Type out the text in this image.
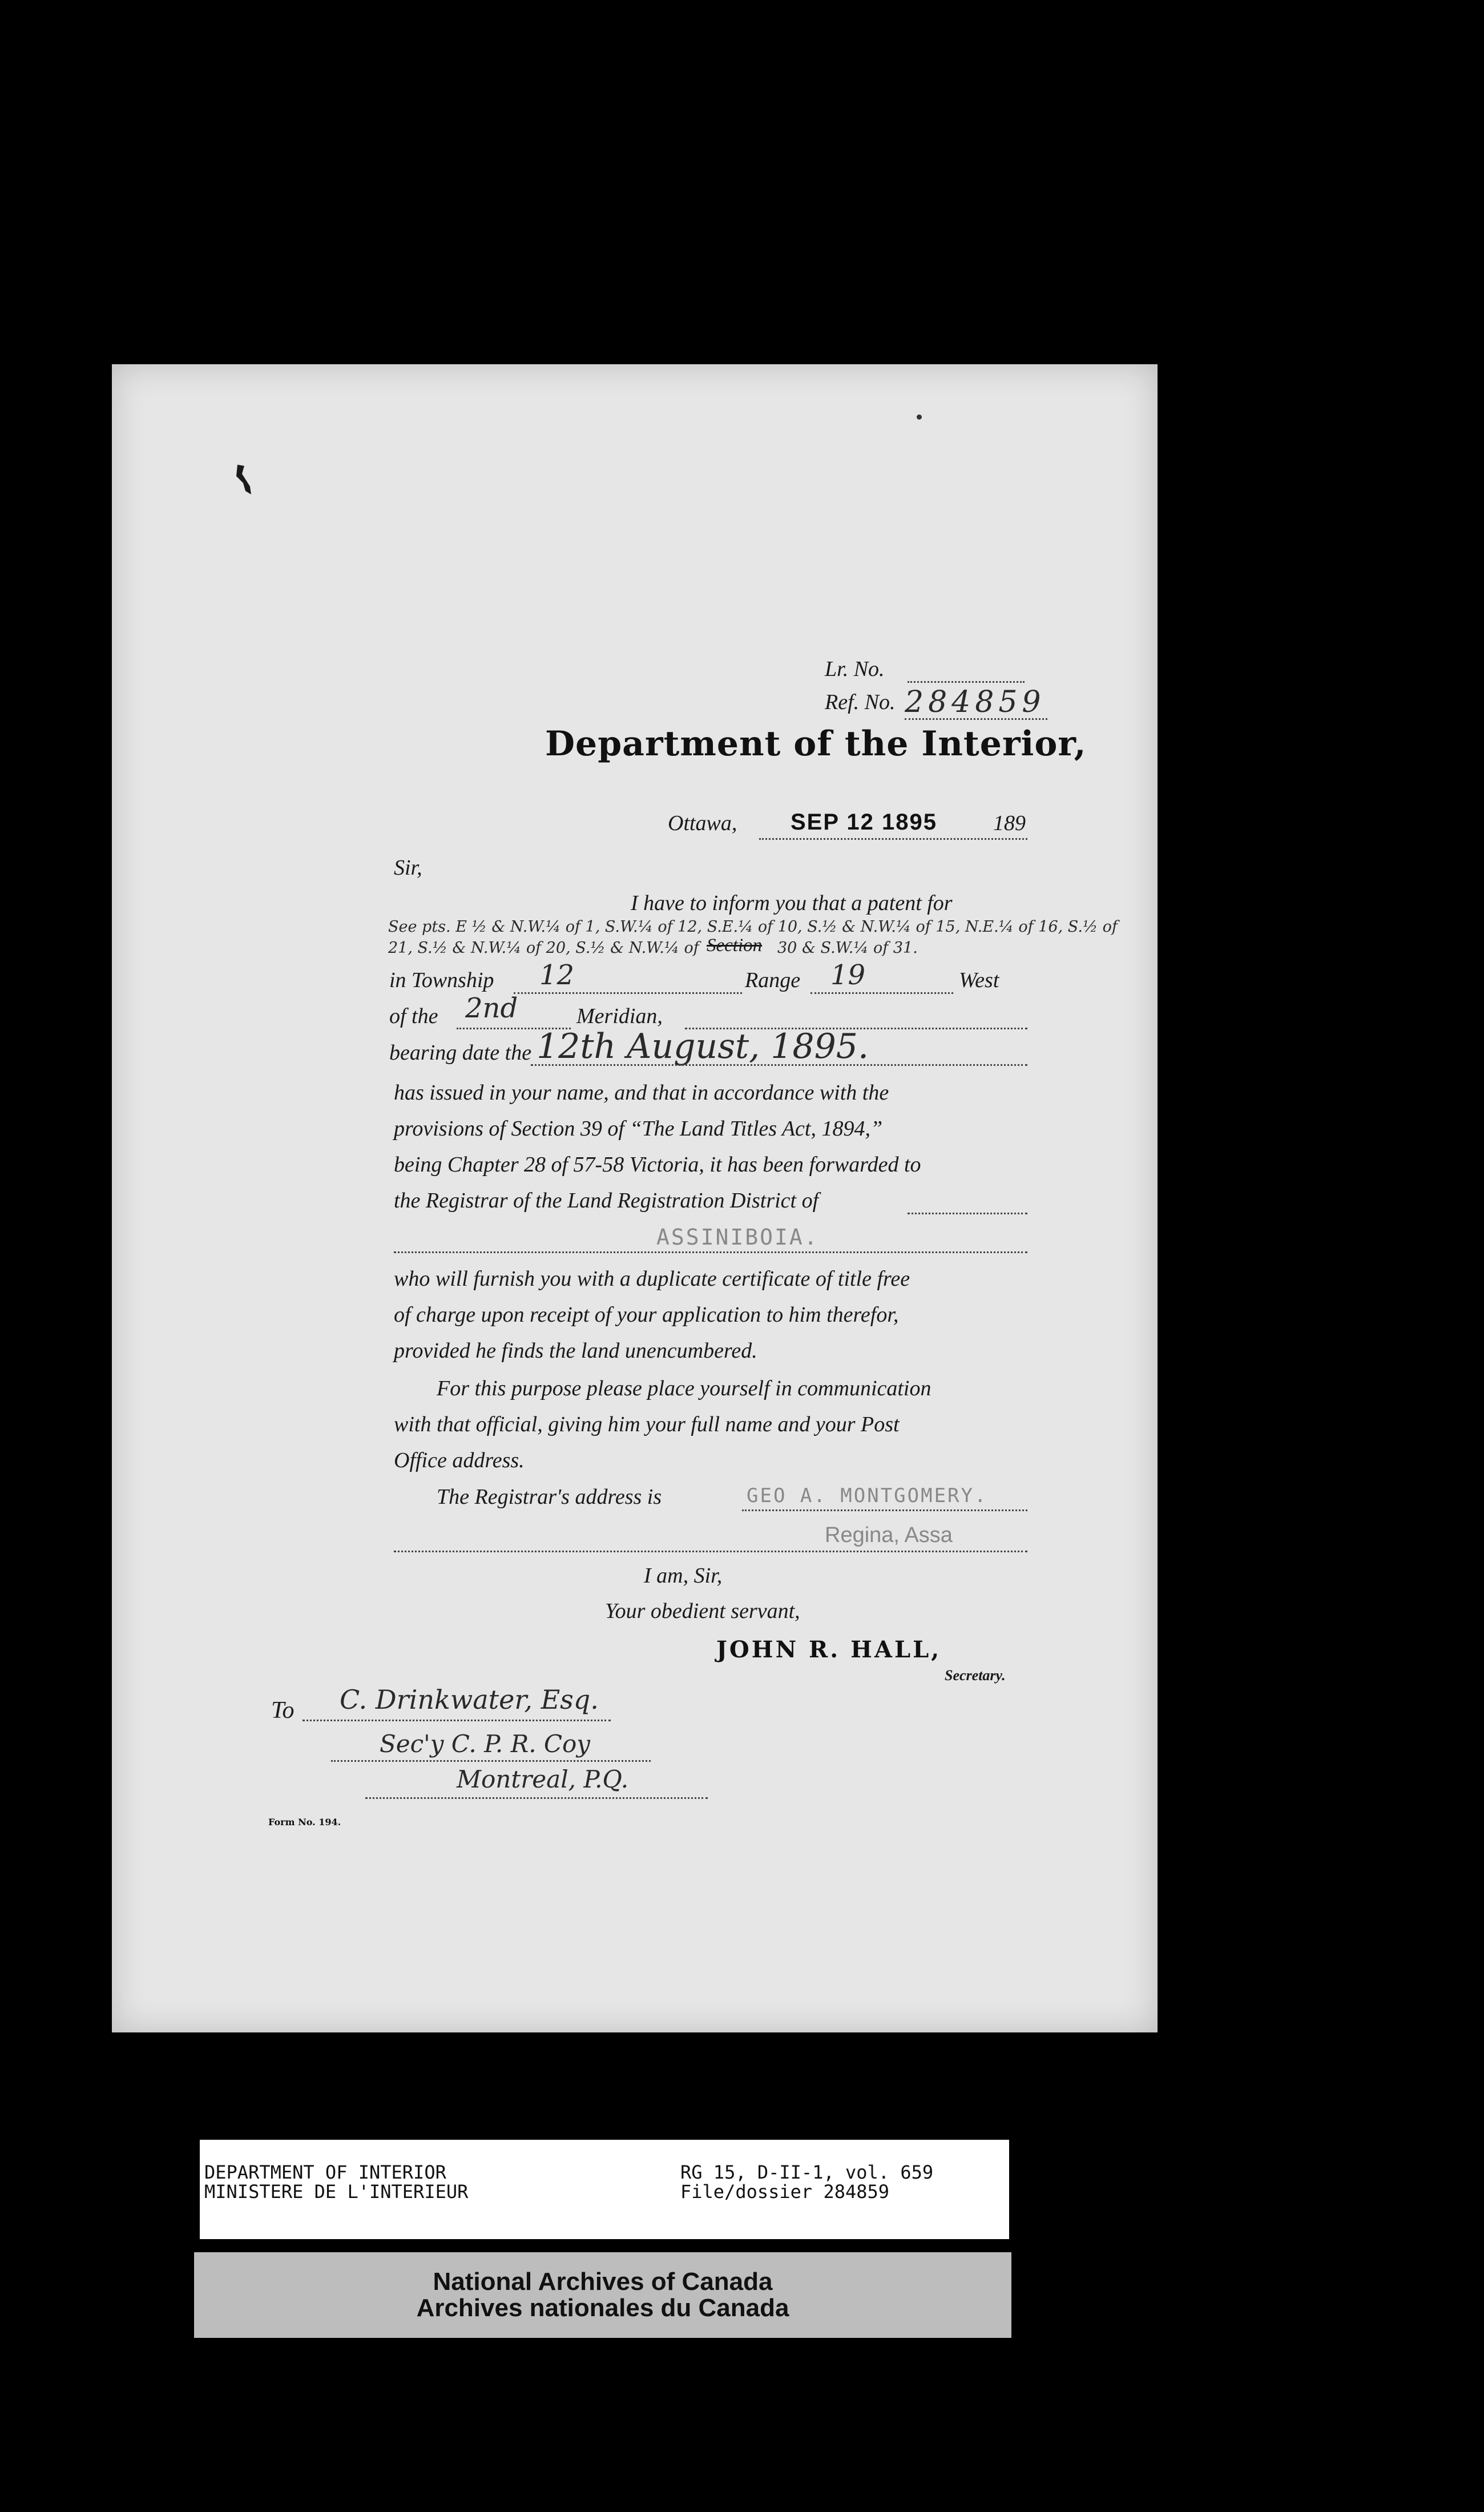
Lr. No.
Ref. No. 284859
Department of the Interior,
Ottawa, SEP 12 1895	189
Sir,
I have to inform you that a patent for
See pts. E ½ & N.W.¼ of 1, S.W.¼ of 12, S.E.¼ of 10, S.½ & N.W.¼ of 15, N.E.¼ of 16, S.½ of
21, S.½ & N.W.¼ of 20, S.½ & N.W.¼ of Section 30 & S.W.¼ of 31.
in Township 12	Range 19	West
of the 2nd	Meridian,
bearing date the 12th August, 1895.
has issued in your name, and that in accordance with the
provisions of Section 39 of “The Land Titles Act, 1894,”
being Chapter 28 of 57-58 Victoria, it has been forwarded to
the Registrar of the Land Registration District of
ASSINIBOIA.
who will furnish you with a duplicate certificate of title free
of charge upon receipt of your application to him therefor,
provided he finds the land unencumbered.
For this purpose please place yourself in communication
with that official, giving him your full name and your Post
Office address.
The Registrar's address is	GEO A. MONTGOMERY.
Regina, Assa
I am, Sir,
Your obedient servant,
JOHN R. HALL,
Secretary.
To C. Drinkwater, Esq.
Sec'y C. P. R. Coy
Montreal, P.Q.
Form No. 194.
DEPARTMENT OF INTERIOR
MINISTERE DE L'INTERIEUR
RG 15, D-II-1, vol. 659
File/dossier 284859
National Archives of Canada
Archives nationales du Canada
